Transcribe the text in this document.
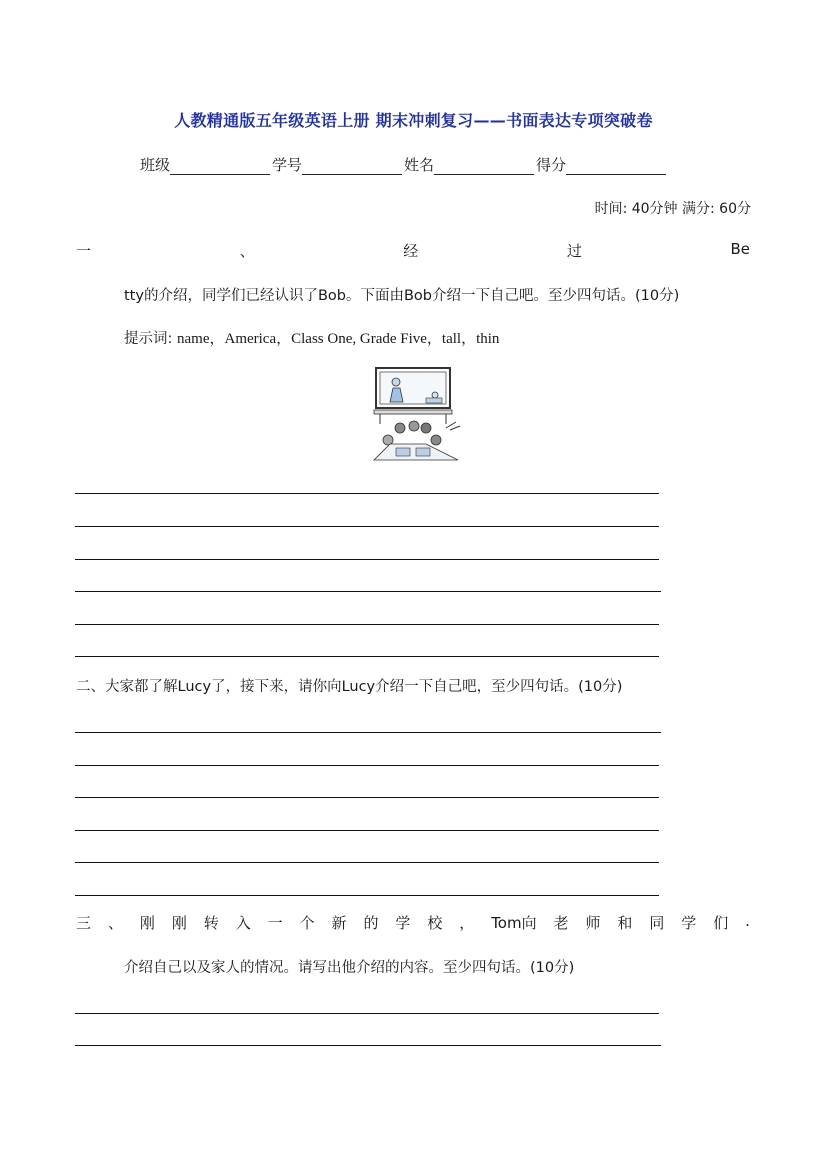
人教精通版五年级英语上册 期末冲刺复习——书面表达专项突破卷
班级	学号	姓名	得分
时间: 40分钟 满分: 60分
一	、	经	过	Be
tty的介绍，同学们已经认识了Bob。下面由Bob介绍一下自己吧。至少四句话。(10分)
提示词: name，America，Class One, Grade Five，tall，thin
二、大家都了解Lucy了，接下来，请你向Lucy介绍一下自己吧，至少四句话。(10分)
三 、 刚 刚 转 入 一 个 新 的 学 校 ， Tom向 老 师 和 同 学 们 .
介绍自己以及家人的情况。请写出他介绍的内容。至少四句话。(10分)
